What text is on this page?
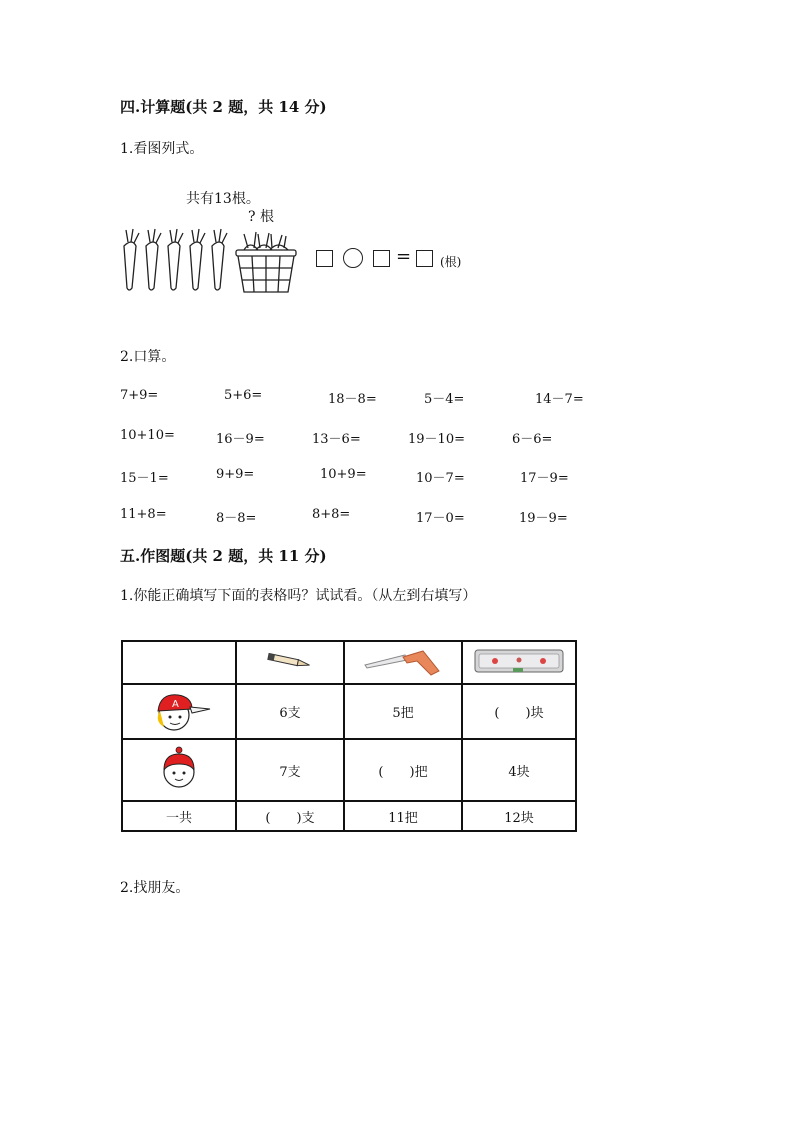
四.计算题(共 2 题，共 14 分)
1.看图列式。
共有13根。
? 根
= (根)
2.口算。
7+9=	5+6=	18－8=	5－4=	14－7=
10+10=	16－9=	13－6=	19－10=	6－6=
15－1=	9+9=	10+9=	10－7=	17－9=
11+8=	8－8=	8+8=	17－0=	19－9=
五.作图题(共 2 题，共 11 分)
1.你能正确填写下面的表格吗？试试看。（从左到右填写）

A	6支	5把	(　　)块
	7支	(　　)把	4块
一共	(　　)支	11把	12块
2.找朋友。
